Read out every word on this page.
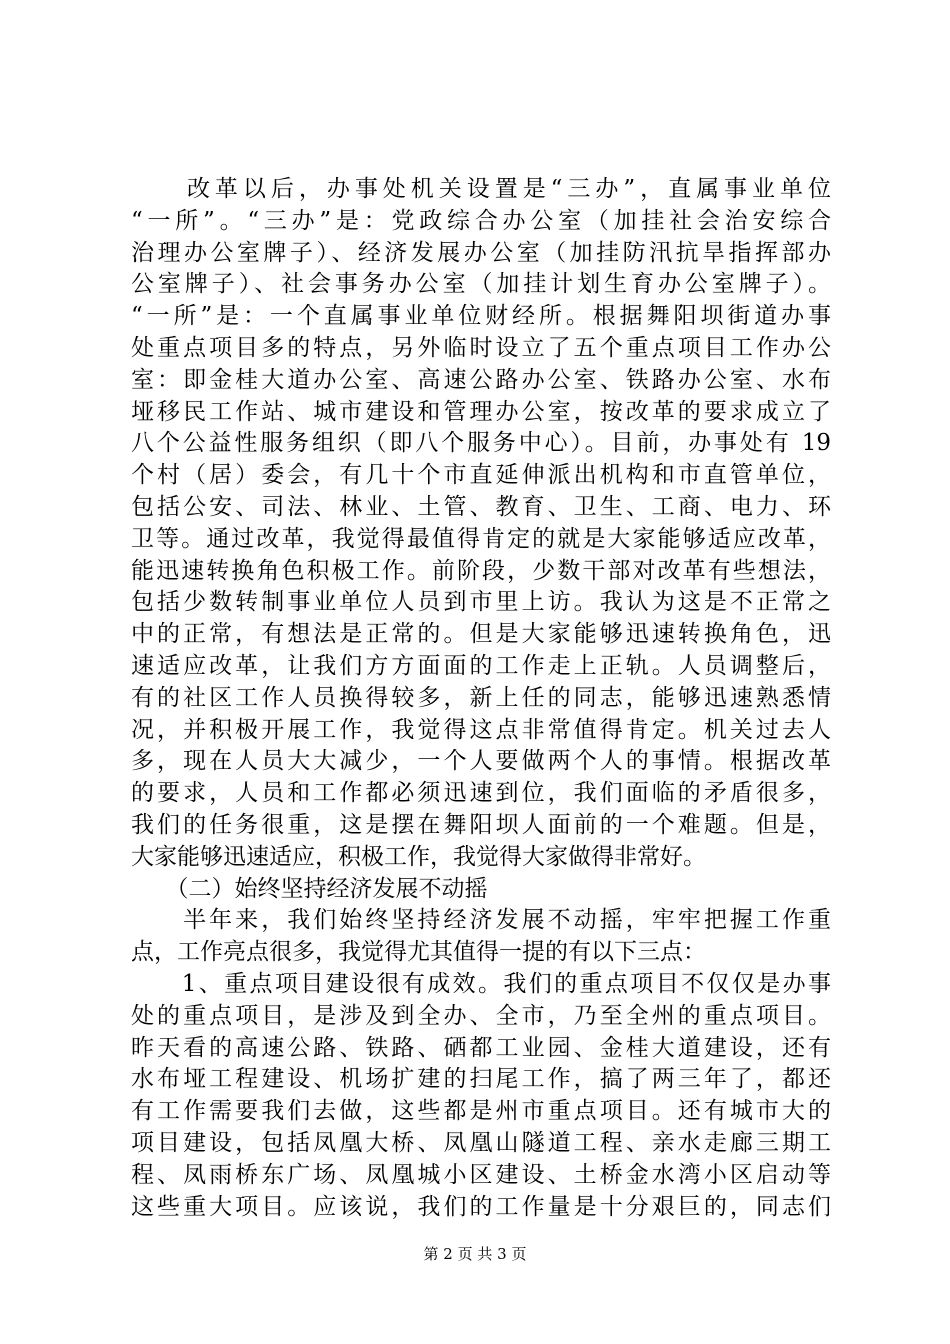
　　改革以后，办事处机关设置是“三办”，直属事业单位
“一所”。“三办”是：党政综合办公室（加挂社会治安综合
治理办公室牌子）、经济发展办公室（加挂防汛抗旱指挥部办
公室牌子）、社会事务办公室（加挂计划生育办公室牌子）。
“一所”是：一个直属事业单位财经所。根据舞阳坝街道办事
处重点项目多的特点，另外临时设立了五个重点项目工作办公
室：即金桂大道办公室、高速公路办公室、铁路办公室、水布
垭移民工作站、城市建设和管理办公室，按改革的要求成立了
八个公益性服务组织（即八个服务中心）。目前，办事处有 19
个村（居）委会，有几十个市直延伸派出机构和市直管单位，
包括公安、司法、林业、土管、教育、卫生、工商、电力、环
卫等。通过改革，我觉得最值得肯定的就是大家能够适应改革，
能迅速转换角色积极工作。前阶段，少数干部对改革有些想法，
包括少数转制事业单位人员到市里上访。我认为这是不正常之
中的正常，有想法是正常的。但是大家能够迅速转换角色，迅
速适应改革，让我们方方面面的工作走上正轨。人员调整后，
有的社区工作人员换得较多，新上任的同志，能够迅速熟悉情
况，并积极开展工作，我觉得这点非常值得肯定。机关过去人
多，现在人员大大减少，一个人要做两个人的事情。根据改革
的要求，人员和工作都必须迅速到位，我们面临的矛盾很多，
我们的任务很重，这是摆在舞阳坝人面前的一个难题。但是，
大家能够迅速适应，积极工作，我觉得大家做得非常好。
　　（二）始终坚持经济发展不动摇
　　半年来，我们始终坚持经济发展不动摇，牢牢把握工作重
点，工作亮点很多，我觉得尤其值得一提的有以下三点：
　　1、重点项目建设很有成效。我们的重点项目不仅仅是办事
处的重点项目，是涉及到全办、全市，乃至全州的重点项目。
昨天看的高速公路、铁路、硒都工业园、金桂大道建设，还有
水布垭工程建设、机场扩建的扫尾工作，搞了两三年了，都还
有工作需要我们去做，这些都是州市重点项目。还有城市大的
项目建设，包括凤凰大桥、凤凰山隧道工程、亲水走廊三期工
程、凤雨桥东广场、凤凰城小区建设、土桥金水湾小区启动等
这些重大项目。应该说，我们的工作量是十分艰巨的，同志们
第 2 页 共 3 页
